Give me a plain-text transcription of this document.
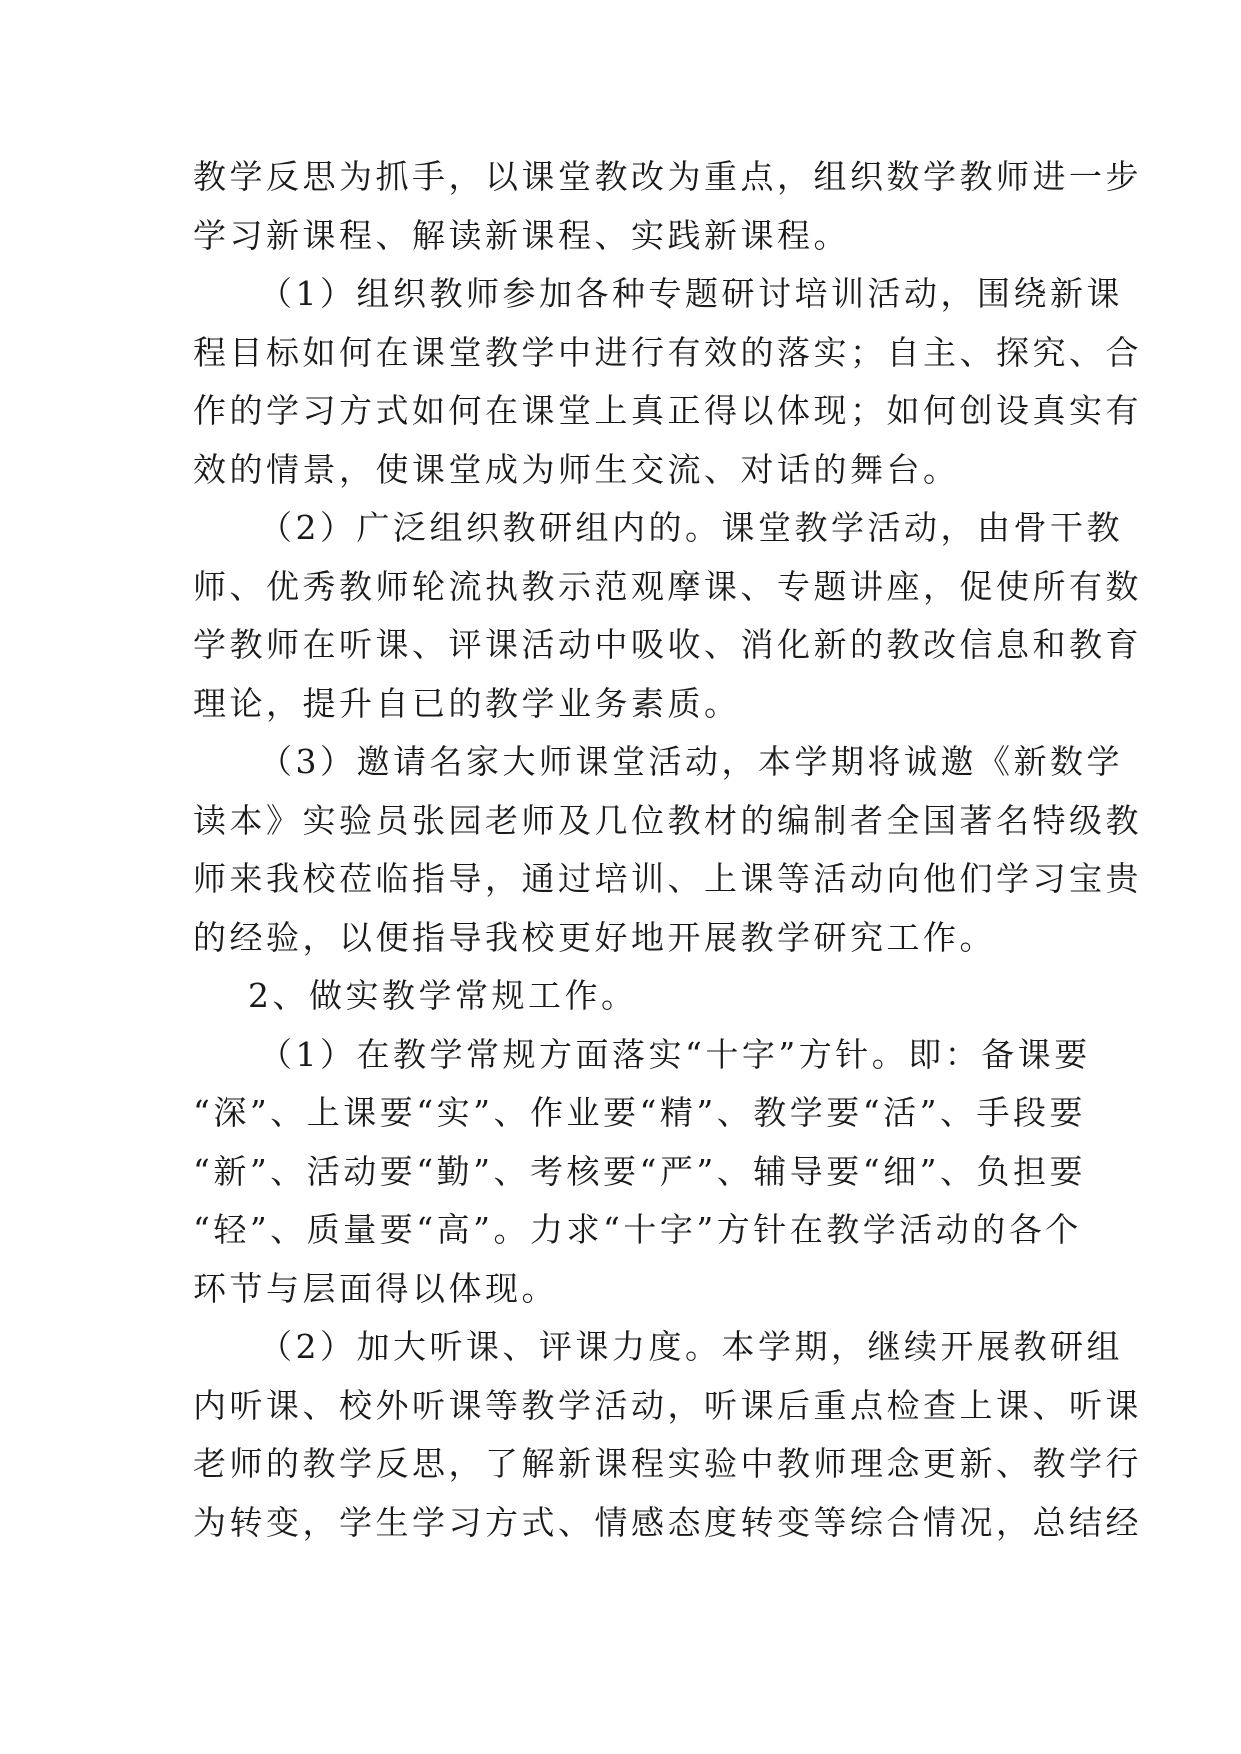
教学反思为抓手，以课堂教改为重点，组织数学教师进一步
学习新课程、解读新课程、实践新课程。
（1）组织教师参加各种专题研讨培训活动，围绕新课
程目标如何在课堂教学中进行有效的落实；自主、探究、合
作的学习方式如何在课堂上真正得以体现；如何创设真实有
效的情景，使课堂成为师生交流、对话的舞台。
（2）广泛组织教研组内的。课堂教学活动，由骨干教
师、优秀教师轮流执教示范观摩课、专题讲座，促使所有数
学教师在听课、评课活动中吸收、消化新的教改信息和教育
理论，提升自已的教学业务素质。
（3）邀请名家大师课堂活动，本学期将诚邀《新数学
读本》实验员张园老师及几位教材的编制者全国著名特级教
师来我校莅临指导，通过培训、上课等活动向他们学习宝贵
的经验，以便指导我校更好地开展教学研究工作。
2、做实教学常规工作。
（1）在教学常规方面落实“十字”方针。即：备课要
“深”、上课要“实”、作业要“精”、教学要“活”、手段要
“新”、活动要“勤”、考核要“严”、辅导要“细”、负担要
“轻”、质量要“高”。力求“十字”方针在教学活动的各个
环节与层面得以体现。
（2）加大听课、评课力度。本学期，继续开展教研组
内听课、校外听课等教学活动，听课后重点检查上课、听课
老师的教学反思，了解新课程实验中教师理念更新、教学行
为转变，学生学习方式、情感态度转变等综合情况，总结经
